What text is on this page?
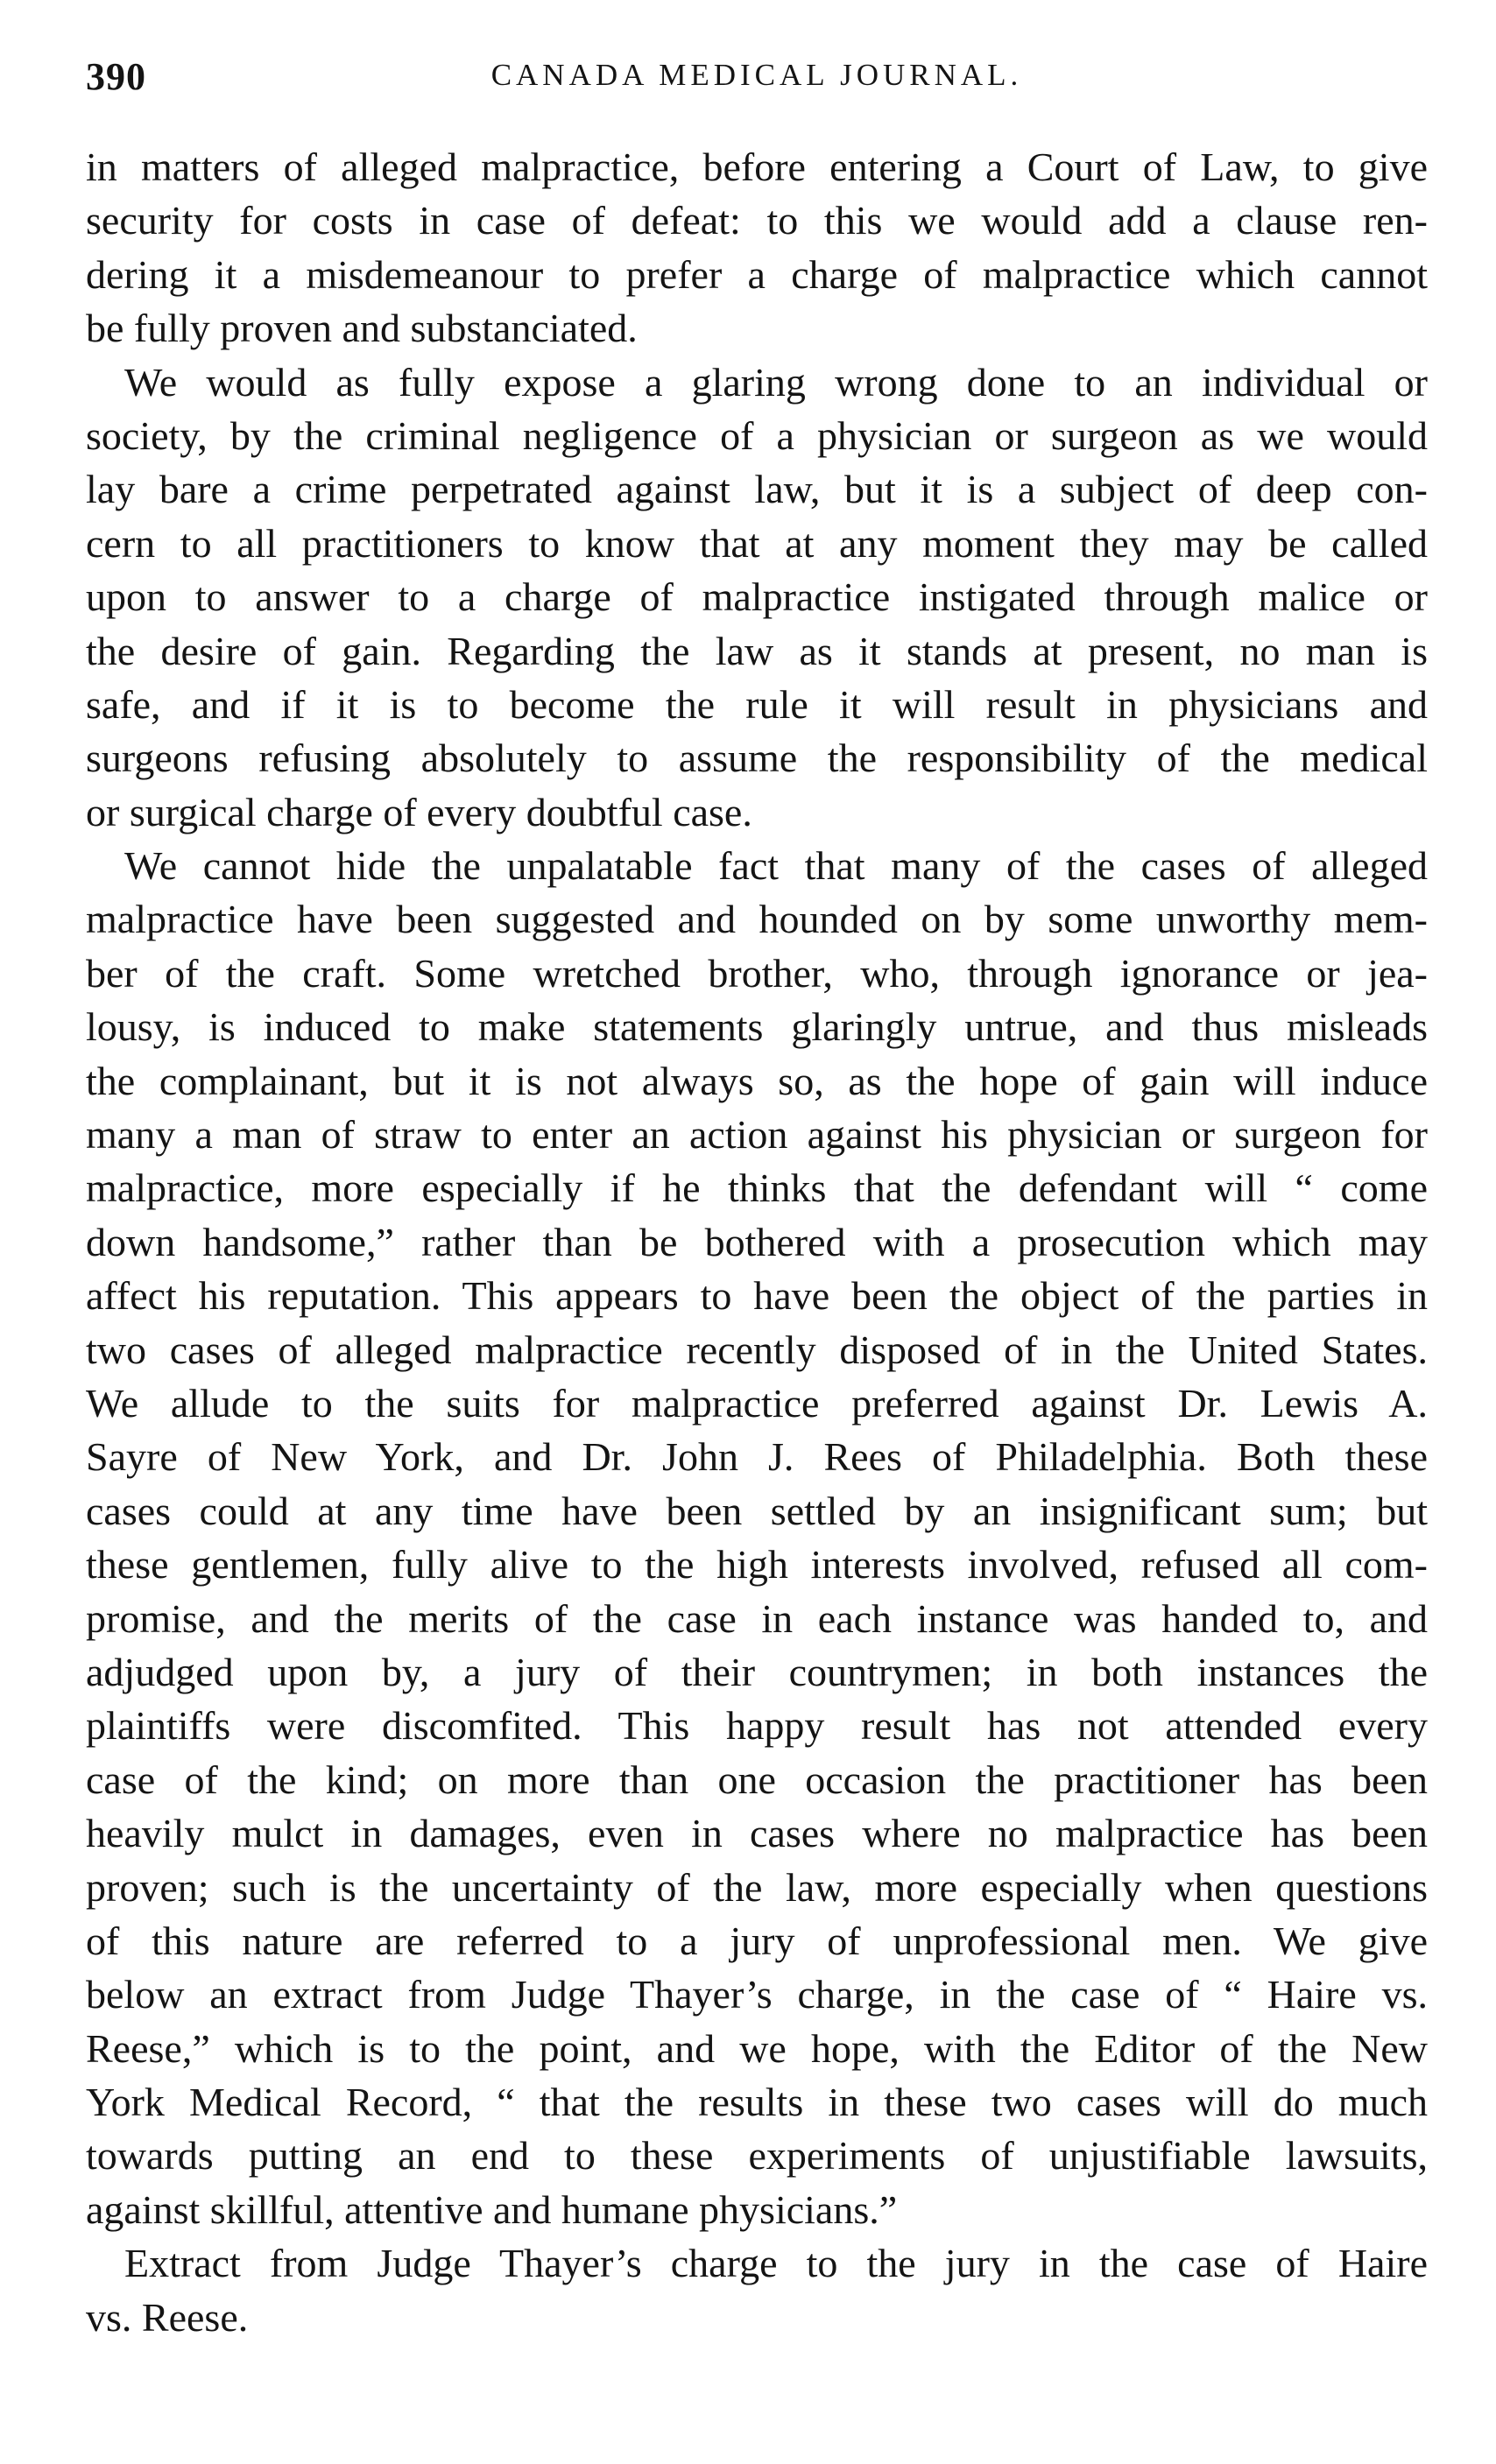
390	CANADA MEDICAL JOURNAL.
in matters of alleged malpractice, before entering a Court of Law, to give
security for costs in case of defeat: to this we would add a clause ren-
dering it a misdemeanour to prefer a charge of malpractice which cannot
be fully proven and substanciated.
We would as fully expose a glaring wrong done to an individual or
society, by the criminal negligence of a physician or surgeon as we would
lay bare a crime perpetrated against law, but it is a subject of deep con-
cern to all practitioners to know that at any moment they may be called
upon to answer to a charge of malpractice instigated through malice or
the desire of gain. Regarding the law as it stands at present, no man is
safe, and if it is to become the rule it will result in physicians and
surgeons refusing absolutely to assume the responsibility of the medical
or surgical charge of every doubtful case.
We cannot hide the unpalatable fact that many of the cases of alleged
malpractice have been suggested and hounded on by some unworthy mem-
ber of the craft. Some wretched brother, who, through ignorance or jea-
lousy, is induced to make statements glaringly untrue, and thus misleads
the complainant, but it is not always so, as the hope of gain will induce
many a man of straw to enter an action against his physician or surgeon for
malpractice, more especially if he thinks that the defendant will “ come
down handsome,” rather than be bothered with a prosecution which may
affect his reputation. This appears to have been the object of the parties in
two cases of alleged malpractice recently disposed of in the United States.
We allude to the suits for malpractice preferred against Dr. Lewis A.
Sayre of New York, and Dr. John J. Rees of Philadelphia. Both these
cases could at any time have been settled by an insignificant sum; but
these gentlemen, fully alive to the high interests involved, refused all com-
promise, and the merits of the case in each instance was handed to, and
adjudged upon by, a jury of their countrymen; in both instances the
plaintiffs were discomfited. This happy result has not attended every
case of the kind; on more than one occasion the practitioner has been
heavily mulct in damages, even in cases where no malpractice has been
proven; such is the uncertainty of the law, more especially when questions
of this nature are referred to a jury of unprofessional men. We give
below an extract from Judge Thayer’s charge, in the case of “ Haire vs.
Reese,” which is to the point, and we hope, with the Editor of the New
York Medical Record, “ that the results in these two cases will do much
towards putting an end to these experiments of unjustifiable lawsuits,
against skillful, attentive and humane physicians.”
Extract from Judge Thayer’s charge to the jury in the case of Haire
vs. Reese.
